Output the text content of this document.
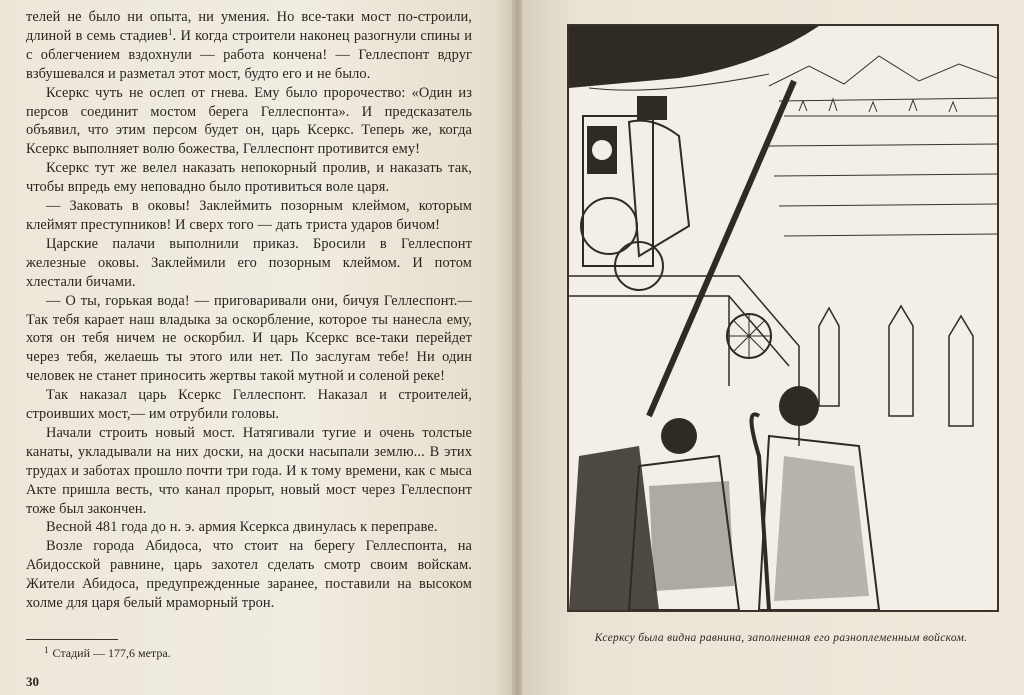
телей не было ни опыта, ни умения. Но все-таки мост по-строили, длиной в семь стадиев$^1$. И когда строители наконец разогнули спины и с облегчением вздохнули — работа кончена! — Геллеспонт вдруг взбушевался и разметал этот мост, будто его и не было.

Ксеркс чуть не ослеп от гнева. Ему было пророчество: «Один из персов соединит мостом берега Геллеспонта». И предсказатель объявил, что этим персом будет он, царь Ксеркс. Теперь же, когда Ксеркс выполняет волю божества, Геллеспонт противится ему!

Ксеркс тут же велел наказать непокорный пролив, и наказать так, чтобы впредь ему неповадно было противиться воле царя.

— Заковать в оковы! Заклеймить позорным клеймом, которым клеймят преступников! И сверх того — дать триста ударов бичом!

Царские палачи выполнили приказ. Бросили в Геллеспонт железные оковы. Заклеймили его позорным клеймом. И потом хлестали бичами.

— О ты, горькая вода! — приговаривали они, бичуя Геллеспонт.— Так тебя карает наш владыка за оскорбление, которое ты нанесла ему, хотя он тебя ничем не оскорбил. И царь Ксеркс все-таки перейдет через тебя, желаешь ты этого или нет. По заслугам тебе! Ни один человек не станет приносить жертвы такой мутной и соленой реке!

Так наказал царь Ксеркс Геллеспонт. Наказал и строителей, строивших мост,— им отрубили головы.

Начали строить новый мост. Натягивали тугие и очень толстые канаты, укладывали на них доски, на доски насыпали землю... В этих трудах и заботах прошло почти три года. И к тому времени, как с мыса Акте пришла весть, что канал прорыт, новый мост через Геллеспонт тоже был закончен.

Весной 481 года до н. э. армия Ксеркса двинулась к переправе.

Возле города Абидоса, что стоит на берегу Геллеспонта, на Абидосской равнине, царь захотел сделать смотр своим войскам. Жители Абидоса, предупрежденные заранее, поставили на высоком холме для царя белый мраморный трон.

$^1$ Стадий — 177,6 метра.
30
Ксерксу была видна равнина, заполненная его разноплеменным войском.
